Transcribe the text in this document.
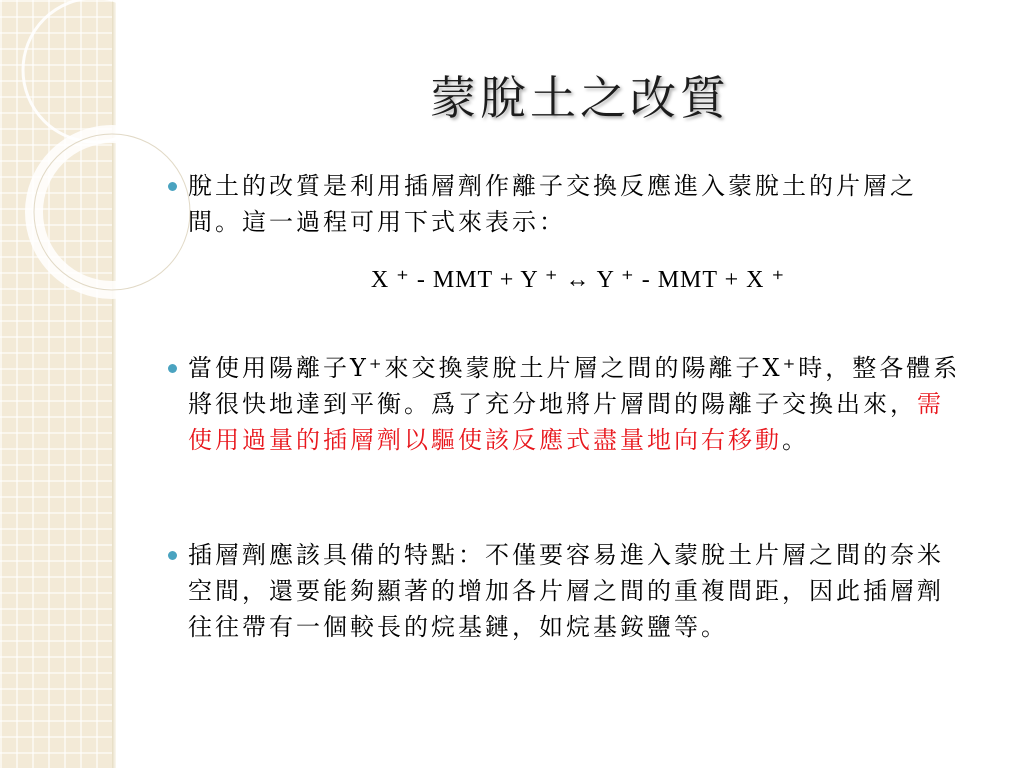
蒙脫土之改質
脫土的改質是利用插層劑作離子交換反應進入蒙脫土的片層之間。這一過程可用下式來表示：
X ⁺ - MMT + Y ⁺ ↔ Y ⁺ - MMT + X ⁺
當使用陽離子Y⁺來交換蒙脫土片層之間的陽離子X⁺時，整各體系將很快地達到平衡。爲了充分地將片層間的陽離子交換出來，需使用過量的插層劑以驅使該反應式盡量地向右移動。
插層劑應該具備的特點：不僅要容易進入蒙脫土片層之間的奈米空間，還要能夠顯著的增加各片層之間的重複間距，因此插層劑往往帶有一個較長的烷基鏈，如烷基銨鹽等。
